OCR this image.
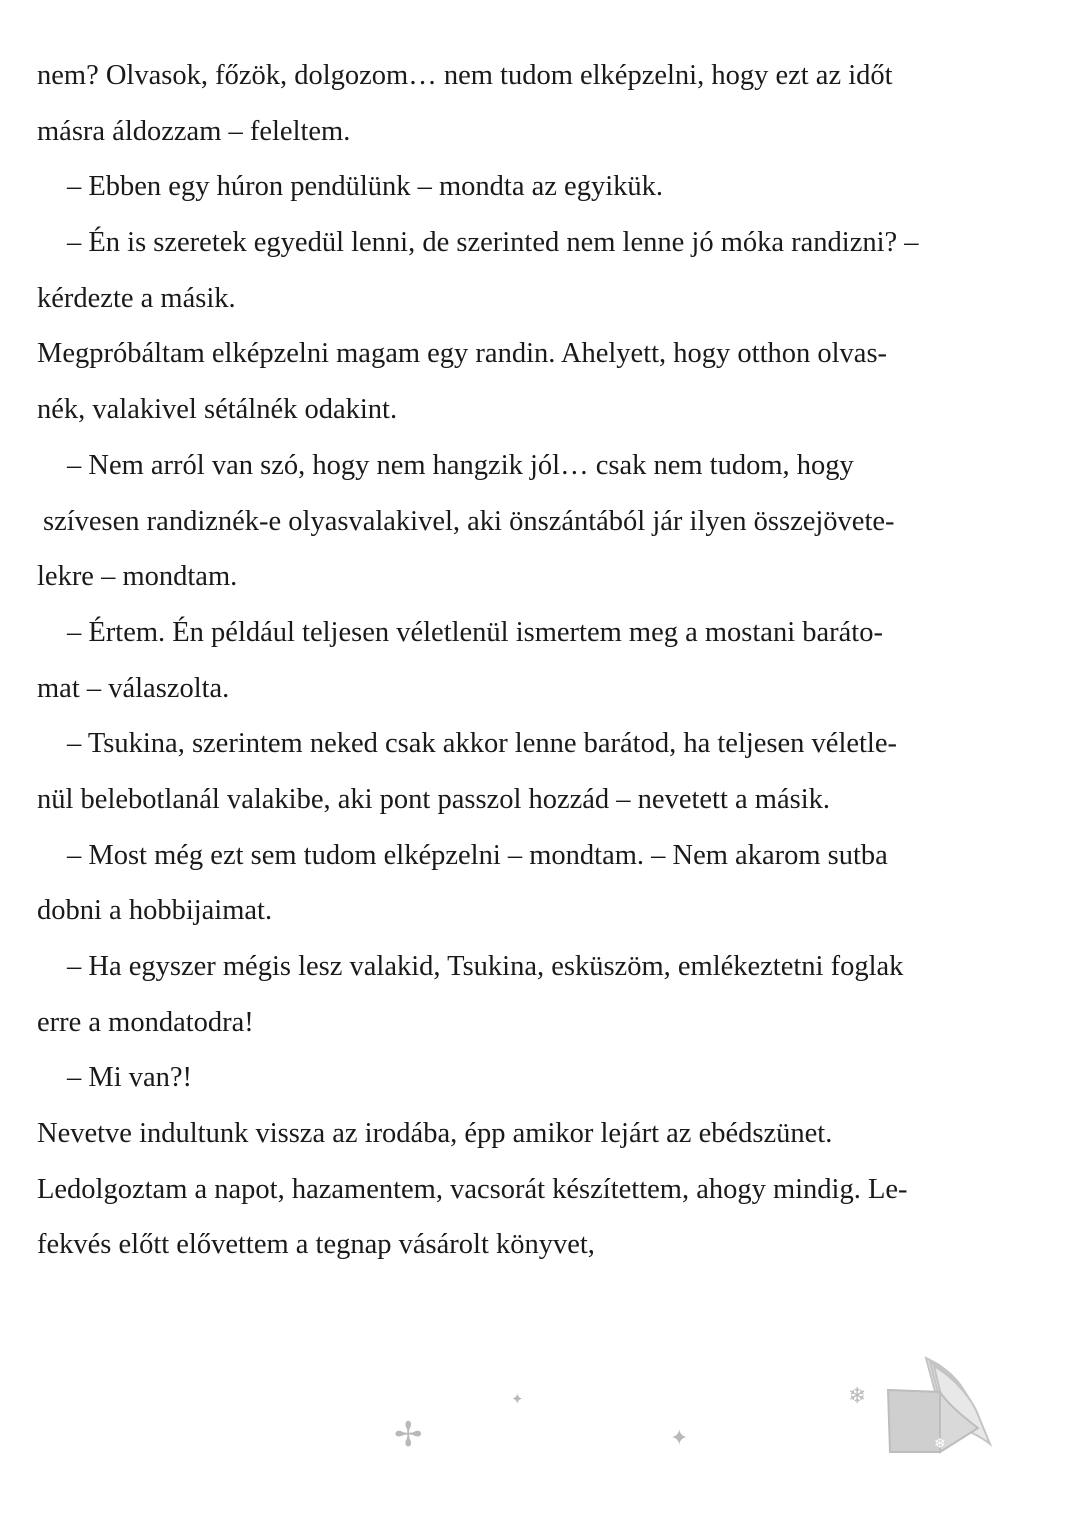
nem? Olvasok, főzök, dolgozom… nem tudom elképzelni, hogy ezt az időt
másra áldozzam – feleltem.
– Ebben egy húron pendülünk – mondta az egyikük.
– Én is szeretek egyedül lenni, de szerinted nem lenne jó móka randizni? –
kérdezte a másik.
Megpróbáltam elképzelni magam egy randin. Ahelyett, hogy otthon olvas-
nék, valakivel sétálnék odakint.
– Nem arról van szó, hogy nem hangzik jól… csak nem tudom, hogy
szívesen randiznék-e olyasvalakivel, aki önszántából jár ilyen összejövete-
lekre – mondtam.
– Értem. Én például teljesen véletlenül ismertem meg a mostani baráto-
mat – válaszolta.
– Tsukina, szerintem neked csak akkor lenne barátod, ha teljesen véletle-
nül belebotlanál valakibe, aki pont passzol hozzád – nevetett a másik.
– Most még ezt sem tudom elképzelni – mondtam. – Nem akarom sutba
dobni a hobbijaimat.
– Ha egyszer mégis lesz valakid, Tsukina, esküszöm, emlékeztetni foglak
erre a mondatodra!
– Mi van?!
Nevetve indultunk vissza az irodába, épp amikor lejárt az ebédszünet.
Ledolgoztam a napot, hazamentem, vacsorát készítettem, ahogy mindig. Le-
fekvés előtt elővettem a tegnap vásárolt könyvet,
✢
✦
✦
❄
❄
